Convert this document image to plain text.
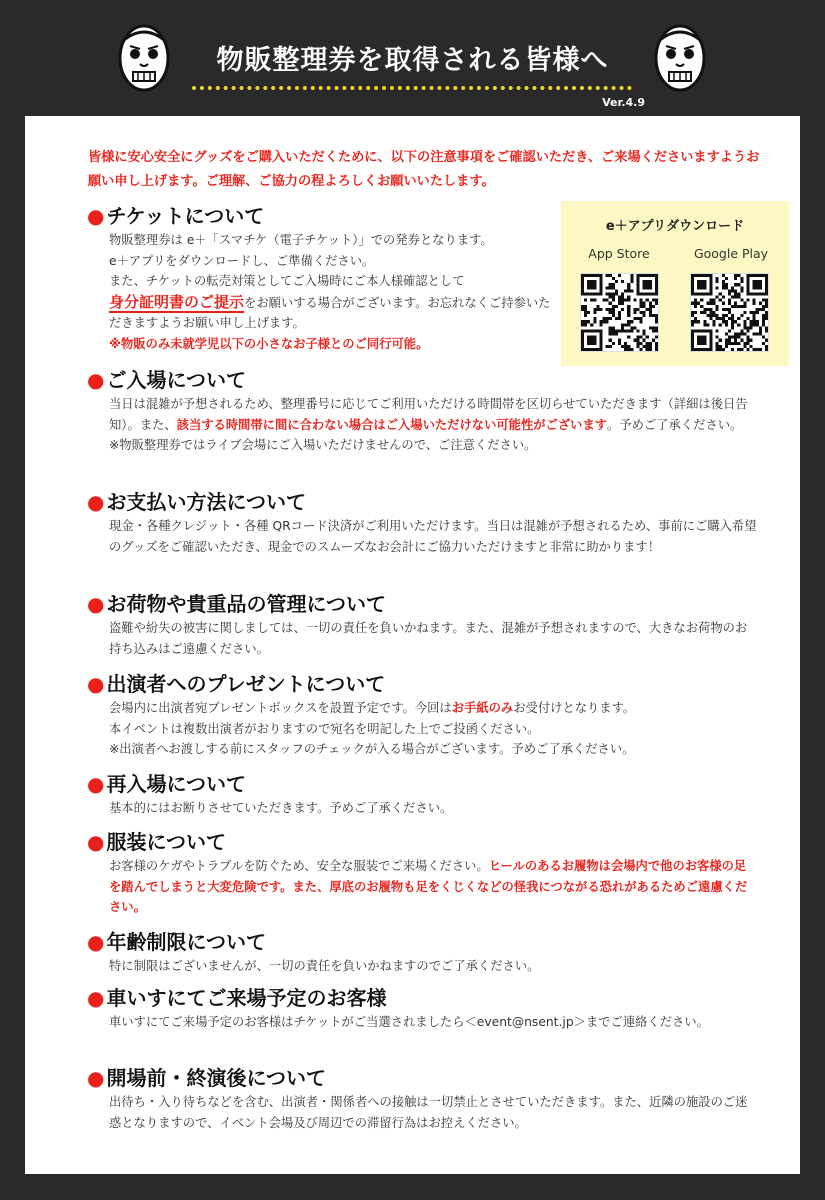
物販整理券を取得される皆様へ
Ver.4.9
皆様に安心安全にグッズをご購入いただくために、以下の注意事項をご確認いただき、ご来場くださいますようお願い申し上げます。ご理解、ご協力の程よろしくお願いいたします。
e＋アプリダウンロード
App Store	Google Play
● チケットについて
物販整理券は e＋「スマチケ（電子チケット）」での発券となります。
e＋アプリをダウンロードし、ご準備ください。
また、チケットの転売対策としてご入場時にご本人様確認として
身分証明書のご提示をお願いする場合がございます。お忘れなくご持参いただきますようお願い申し上げます。
※物販のみ未就学児以下の小さなお子様とのご同行可能。
● ご入場について
当日は混雑が予想されるため、整理番号に応じてご利用いただける時間帯を区切らせていただきます（詳細は後日告知）。また、該当する時間帯に間に合わない場合はご入場いただけない可能性がございます。予めご了承ください。
※物販整理券ではライブ会場にご入場いただけませんので、ご注意ください。
● お支払い方法について
現金・各種クレジット・各種 QRコード決済がご利用いただけます。当日は混雑が予想されるため、事前にご購入希望のグッズをご確認いただき、現金でのスムーズなお会計にご協力いただけますと非常に助かります！
● お荷物や貴重品の管理について
盗難や紛失の被害に関しましては、一切の責任を負いかねます。また、混雑が予想されますので、大きなお荷物のお持ち込みはご遠慮ください。
● 出演者へのプレゼントについて
会場内に出演者宛プレゼントボックスを設置予定です。今回はお手紙のみお受付けとなります。
本イベントは複数出演者がおりますので宛名を明記した上でご投函ください。
※出演者へお渡しする前にスタッフのチェックが入る場合がございます。予めご了承ください。
● 再入場について
基本的にはお断りさせていただきます。予めご了承ください。
● 服装について
お客様のケガやトラブルを防ぐため、安全な服装でご来場ください。ヒールのあるお履物は会場内で他のお客様の足を踏んでしまうと大変危険です。また、厚底のお履物も足をくじくなどの怪我につながる恐れがあるためご遠慮ください。
● 年齢制限について
特に制限はございませんが、一切の責任を負いかねますのでご了承ください。
● 車いすにてご来場予定のお客様
車いすにてご来場予定のお客様はチケットがご当選されましたら＜event@nsent.jp＞までご連絡ください。
● 開場前・終演後について
出待ち・入り待ちなどを含む、出演者・関係者への接触は一切禁止とさせていただきます。また、近隣の施設のご迷惑となりますので、イベント会場及び周辺での滞留行為はお控えください。
